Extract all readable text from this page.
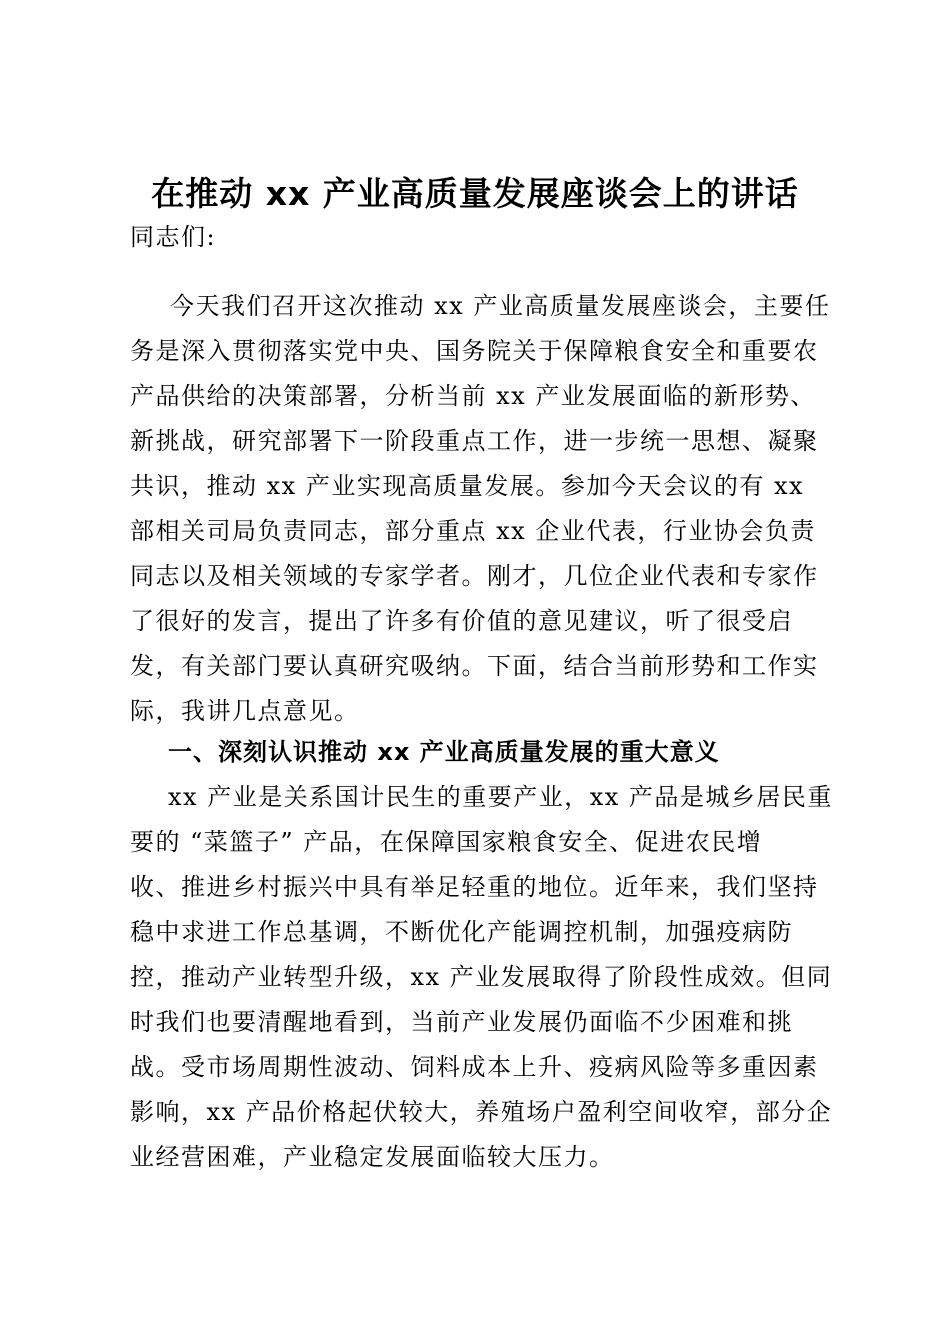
在推动 xx 产业高质量发展座谈会上的讲话
同志们:
今天我们召开这次推动 xx 产业高质量发展座谈会，主要任
务是深入贯彻落实党中央、国务院关于保障粮食安全和重要农
产品供给的决策部署，分析当前 xx 产业发展面临的新形势、
新挑战，研究部署下一阶段重点工作，进一步统一思想、凝聚
共识，推动 xx 产业实现高质量发展。参加今天会议的有 xx
部相关司局负责同志，部分重点 xx 企业代表，行业协会负责
同志以及相关领域的专家学者。刚才，几位企业代表和专家作
了很好的发言，提出了许多有价值的意见建议，听了很受启
发，有关部门要认真研究吸纳。下面，结合当前形势和工作实
际，我讲几点意见。
一、深刻认识推动 xx 产业高质量发展的重大意义
xx 产业是关系国计民生的重要产业，xx 产品是城乡居民重
要的 “菜篮子” 产品，在保障国家粮食安全、促进农民增
收、推进乡村振兴中具有举足轻重的地位。近年来，我们坚持
稳中求进工作总基调，不断优化产能调控机制，加强疫病防
控，推动产业转型升级，xx 产业发展取得了阶段性成效。但同
时我们也要清醒地看到，当前产业发展仍面临不少困难和挑
战。受市场周期性波动、饲料成本上升、疫病风险等多重因素
影响，xx 产品价格起伏较大，养殖场户盈利空间收窄，部分企
业经营困难，产业稳定发展面临较大压力。
